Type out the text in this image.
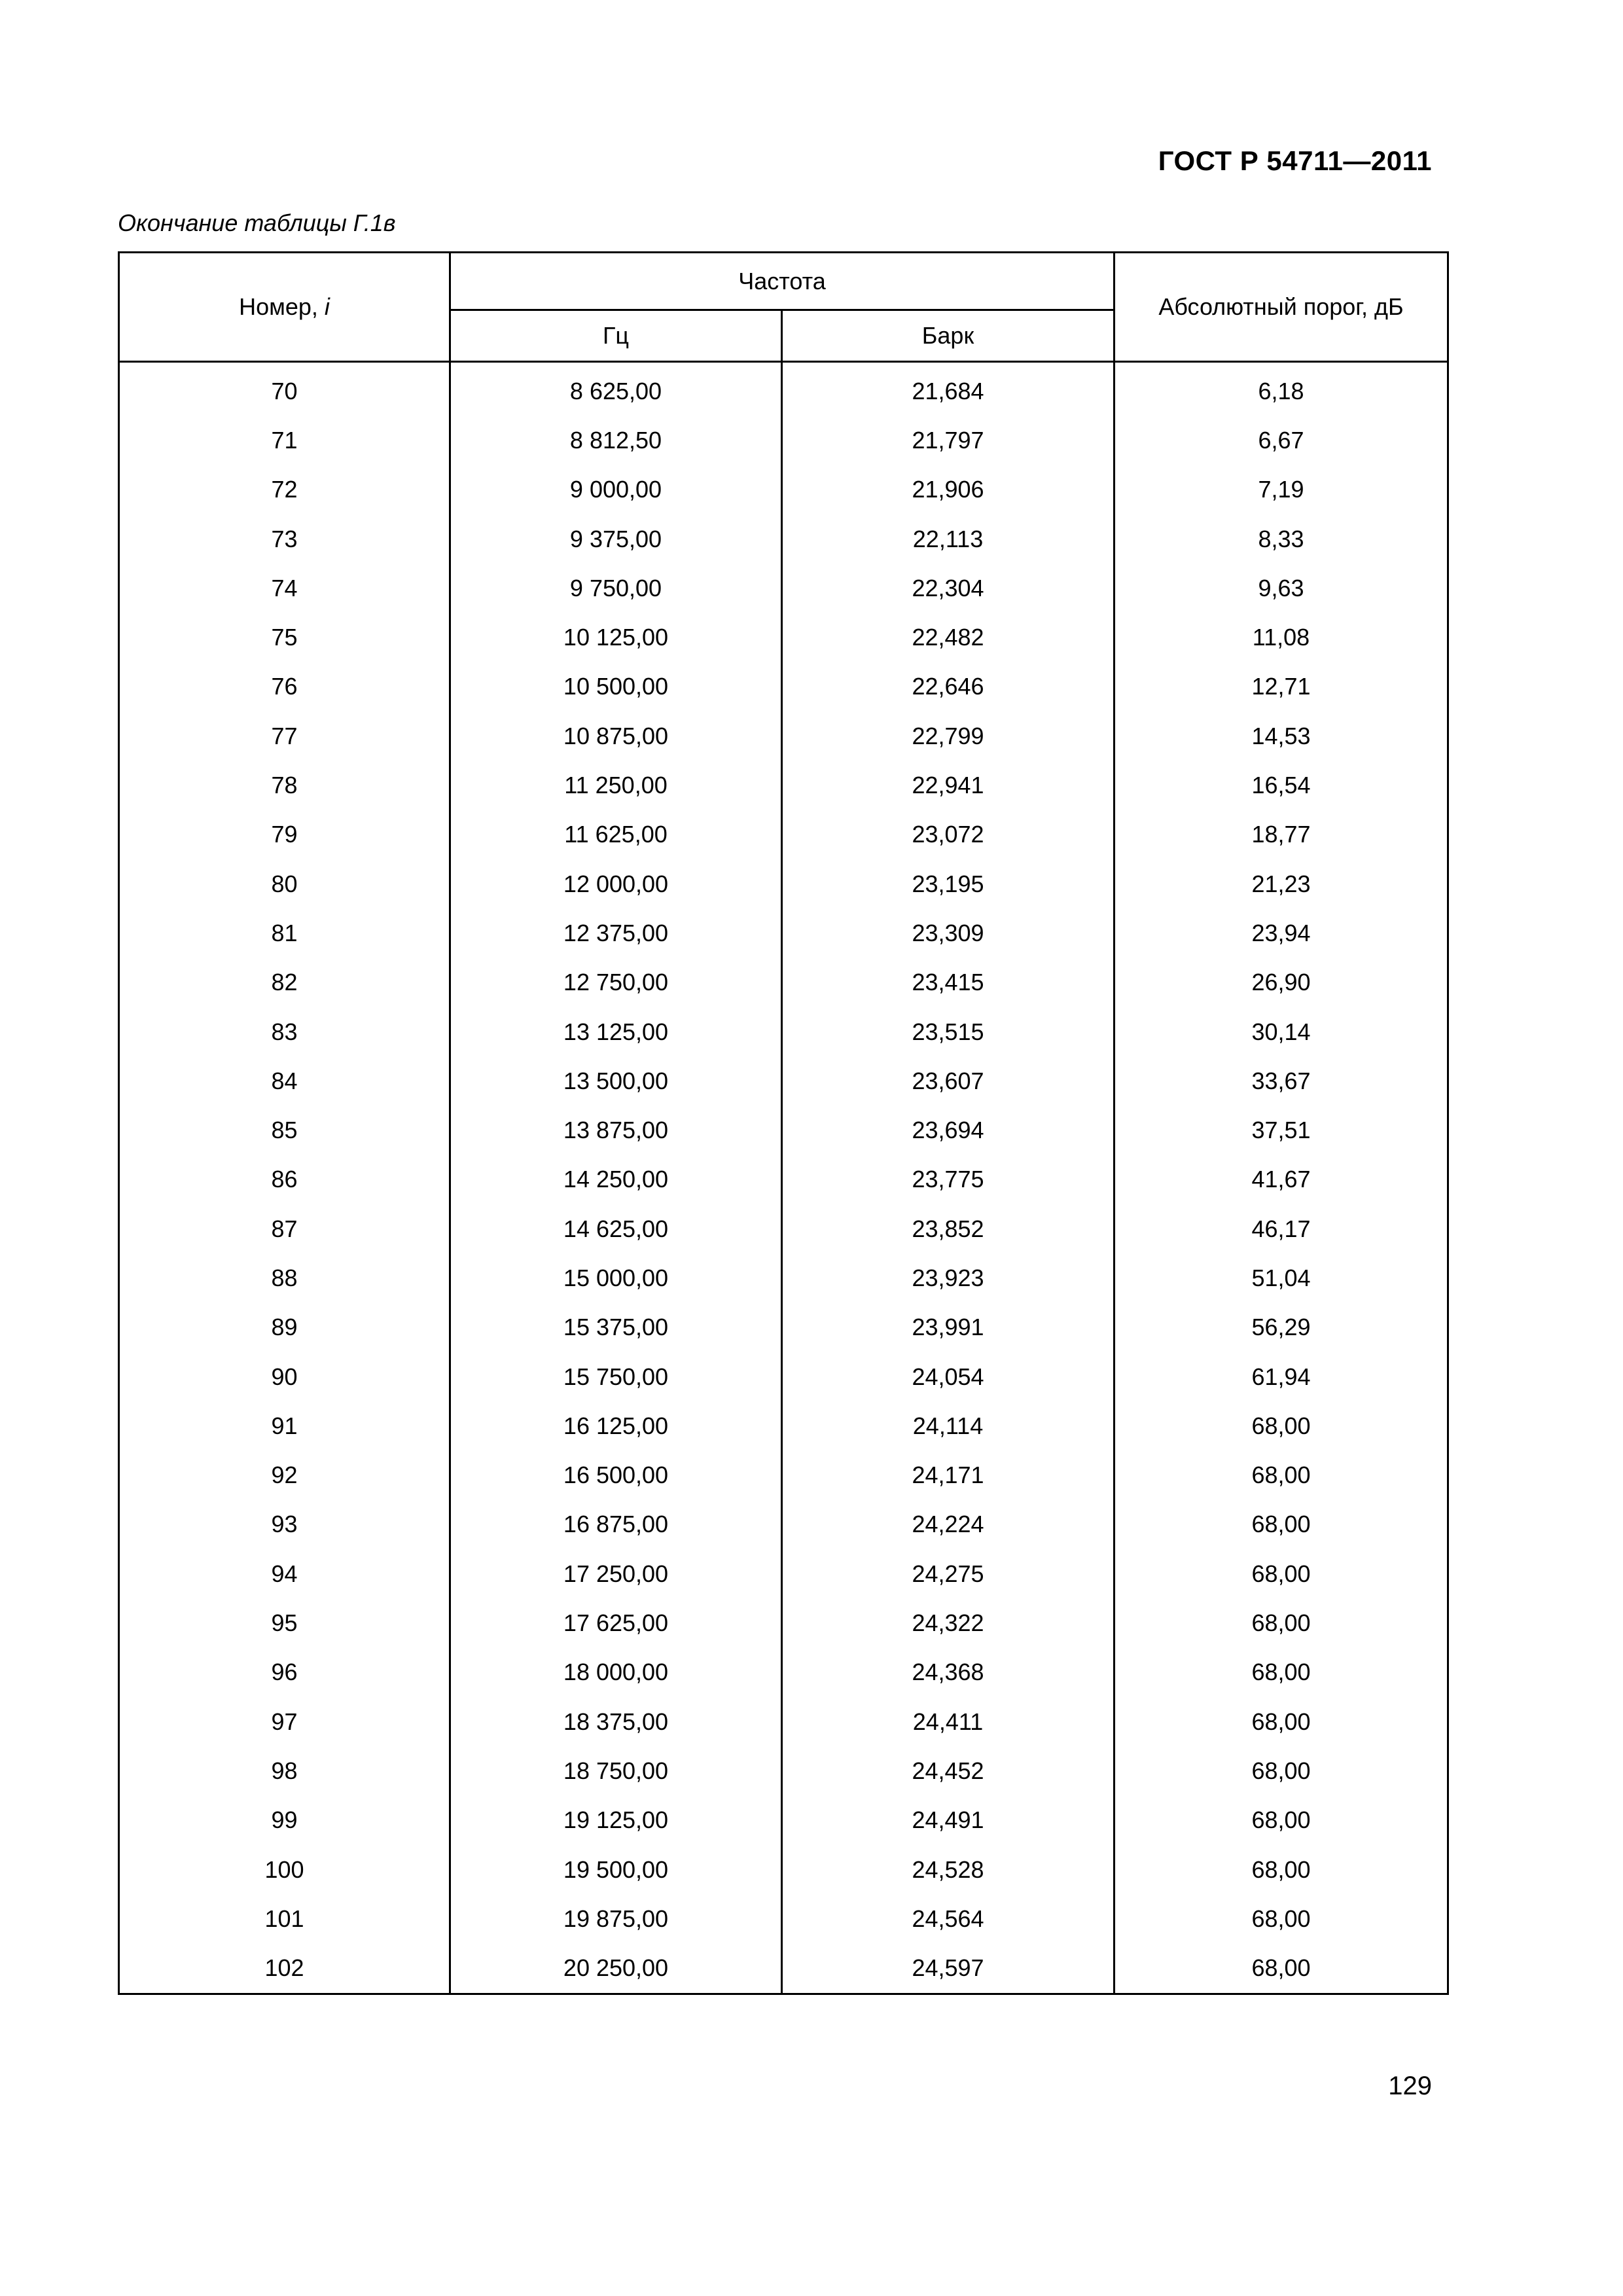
ГОСТ Р 54711—2011
Окончание таблицы Г.1в
Номер, i	Частота		Абсолютный порог, дБ
	Гц	Барк	

70	8 625,00	21,684	6,18
71	8 812,50	21,797	6,67
72	9 000,00	21,906	7,19
73	9 375,00	22,113	8,33
74	9 750,00	22,304	9,63
75	10 125,00	22,482	11,08
76	10 500,00	22,646	12,71
77	10 875,00	22,799	14,53
78	11 250,00	22,941	16,54
79	11 625,00	23,072	18,77
80	12 000,00	23,195	21,23
81	12 375,00	23,309	23,94
82	12 750,00	23,415	26,90
83	13 125,00	23,515	30,14
84	13 500,00	23,607	33,67
85	13 875,00	23,694	37,51
86	14 250,00	23,775	41,67
87	14 625,00	23,852	46,17
88	15 000,00	23,923	51,04
89	15 375,00	23,991	56,29
90	15 750,00	24,054	61,94
91	16 125,00	24,114	68,00
92	16 500,00	24,171	68,00
93	16 875,00	24,224	68,00
94	17 250,00	24,275	68,00
95	17 625,00	24,322	68,00
96	18 000,00	24,368	68,00
97	18 375,00	24,411	68,00
98	18 750,00	24,452	68,00
99	19 125,00	24,491	68,00
100	19 500,00	24,528	68,00
101	19 875,00	24,564	68,00
102	20 250,00	24,597	68,00
129
